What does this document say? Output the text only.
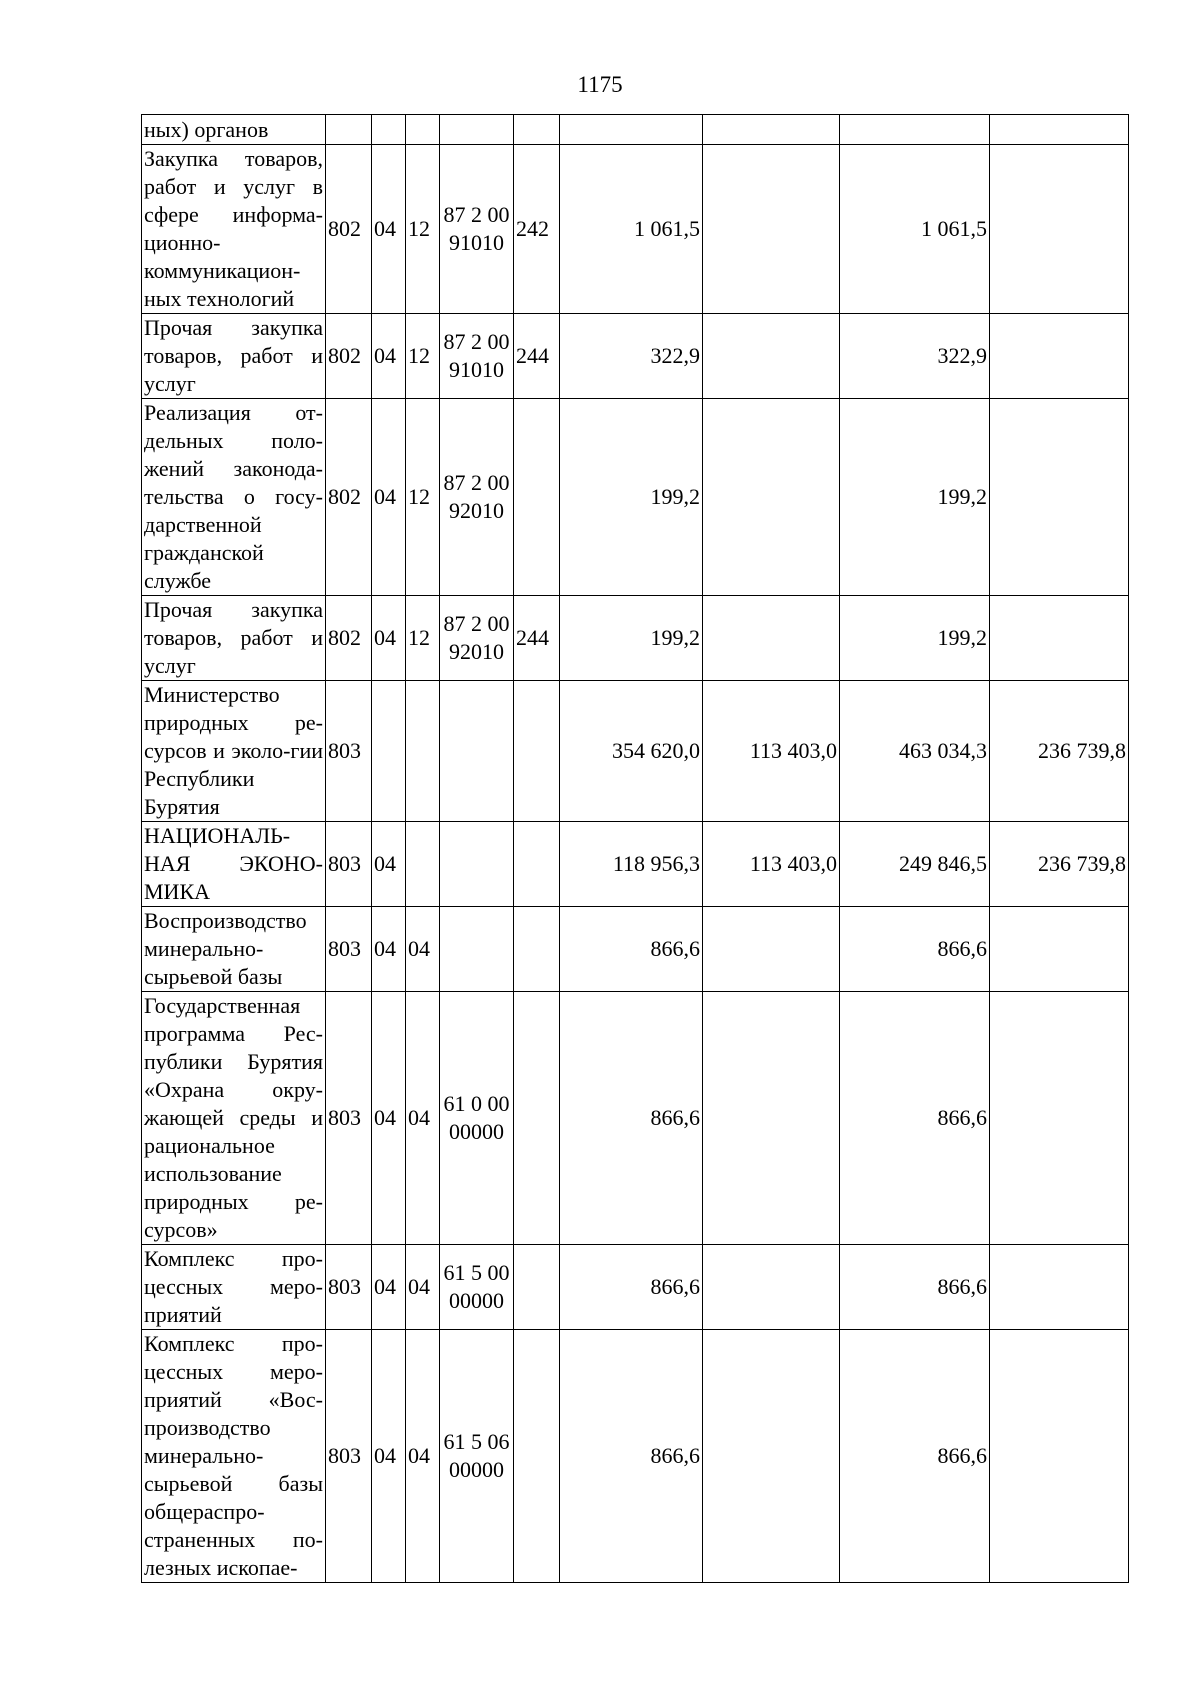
1175
ных) органов									
Закупка товаров, работ и услуг в сфере информа-ционно-коммуникацион-ных технологий	802	04	12	87 2 00 91010	242	1 061,5		1 061,5	
Прочая закупка товаров, работ и услуг	802	04	12	87 2 00 91010	244	322,9		322,9	
Реализация от-дельных поло-жений законода-тельства о госу-дарственной гражданской службе	802	04	12	87 2 00 92010		199,2		199,2	
Прочая закупка товаров, работ и услуг	802	04	12	87 2 00 92010	244	199,2		199,2	
Министерство природных ре-сурсов и эколо-гии Республики Бурятия	803					354 620,0	113 403,0	463 034,3	236 739,8
НАЦИОНАЛЬ-НАЯ ЭКОНО-МИКА	803	04				118 956,3	113 403,0	249 846,5	236 739,8
Воспроизводство минерально-сырьевой базы	803	04	04			866,6		866,6	
Государственная программа Рес-публики Бурятия «Охрана окру-жающей среды и рациональное использование природных ре-сурсов»	803	04	04	61 0 00 00000		866,6		866,6	
Комплекс про-цессных меро-приятий	803	04	04	61 5 00 00000		866,6		866,6	
Комплекс про-цессных меро-приятий «Вос-производство минерально-сырьевой базы общераспро-страненных по-лезных ископае-	803	04	04	61 5 06 00000		866,6		866,6	
